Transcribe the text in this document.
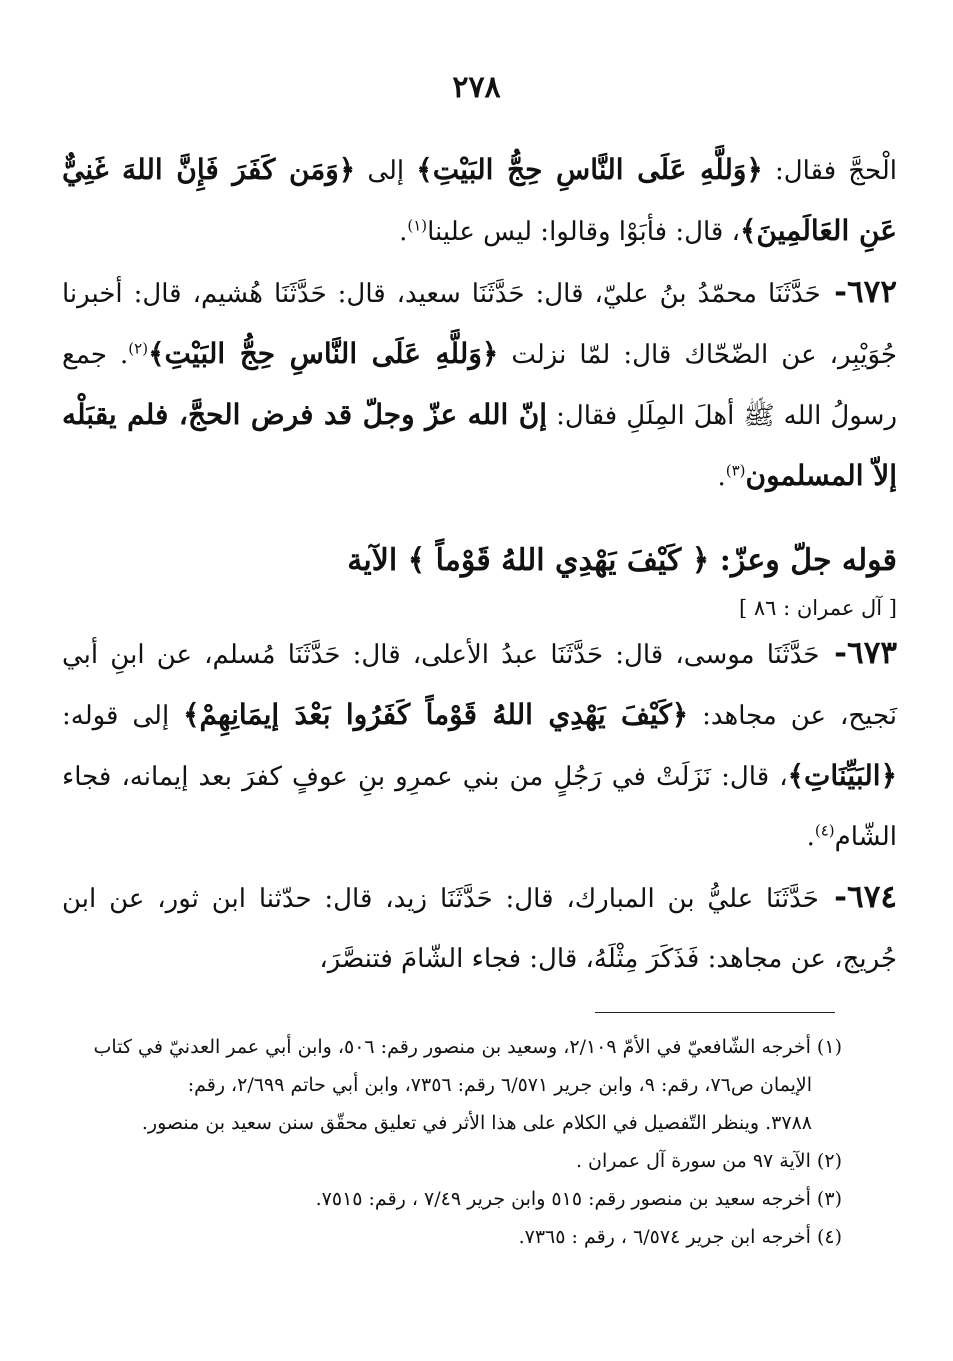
٢٧٨

الْحجَّ فقال: ﴿وَللَّهِ عَلَى النَّاسِ حِجُّ البَيْتِ﴾ إلى ﴿وَمَن كَفَرَ فَإِنَّ اللهَ غَنِيٌّ عَنِ العَالَمِينَ﴾، قال: فأبَوْا وقالوا: ليس علينا$^{(١)}$.

٦٧٢- حَدَّثَنَا محمّدُ بنُ عليّ، قال: حَدَّثَنَا سعيد، قال: حَدَّثَنَا هُشيم، قال: أخبرنا جُوَيْبِر، عن الضّحّاك قال: لمّا نزلت ﴿وَللَّهِ عَلَى النَّاسِ حِجُّ البَيْتِ﴾$^{(٢)}$. جمع رسولُ الله ﷺ أهلَ المِلَلِ فقال: إنّ الله عزّ وجلّ قد فرض الحجَّ، فلم يقبَلْه إلاّ المسلمون$^{(٣)}$.

قوله جلّ وعزّ: ﴿ كَيْفَ يَهْدِي اللهُ قَوْماً ﴾ الآية

[ آل عمران : ٨٦ ]

٦٧٣- حَدَّثَنَا موسى، قال: حَدَّثَنَا عبدُ الأعلى، قال: حَدَّثَنَا مُسلم، عن ابنِ أبي نَجيح، عن مجاهد: ﴿كَيْفَ يَهْدِي اللهُ قَوْماً كَفَرُوا بَعْدَ إيمَانِهِمْ﴾ إلى قوله: ﴿البَيِّنَاتِ﴾، قال: نَزَلَتْ في رَجُلٍ من بني عمرِو بنِ عوفٍ كفرَ بعد إيمانه، فجاء الشّام$^{(٤)}$.

٦٧٤- حَدَّثَنَا عليُّ بن المبارك، قال: حَدَّثَنَا زيد، قال: حدّثنا ابن ثور، عن ابن جُريج، عن مجاهد: فَذَكَرَ مِثْلَهُ، قال: فجاء الشّامَ فتنصَّرَ،

(١) أخرجه الشّافعيّ في الأمّ ٢/١٠٩، وسعيد بن منصور رقم: ٥٠٦، وابن أبي عمر العدنيّ في كتاب

الإيمان ص٧٦، رقم: ٩، وابن جرير ٦/٥٧١ رقم: ٧٣٥٦، وابن أبي حاتم ٢/٦٩٩، رقم:

٣٧٨٨. وينظر التّفصيل في الكلام على هذا الأثر في تعليق محقّق سنن سعيد بن منصور.

(٢) الآية ٩٧ من سورة آل عمران .

(٣) أخرجه سعيد بن منصور رقم: ٥١٥ وابن جرير ٧/٤٩ ، رقم: ٧٥١٥.

(٤) أخرجه ابن جرير ٦/٥٧٤ ، رقم : ٧٣٦٥.
